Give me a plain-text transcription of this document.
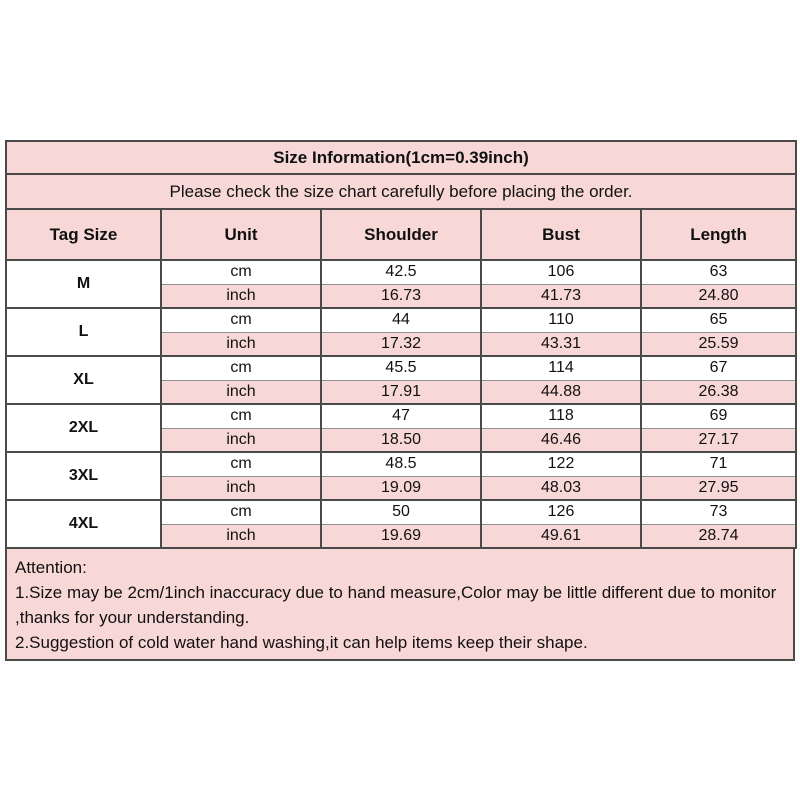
Size Information(1cm=0.39inch)				
Please check the size chart carefully before placing the order.				
Tag Size	Unit	Shoulder	Bust	Length
M	cm	42.5	106	63
	inch	16.73	41.73	24.80
L	cm	44	110	65
	inch	17.32	43.31	25.59
XL	cm	45.5	114	67
	inch	17.91	44.88	26.38
2XL	cm	47	118	69
	inch	18.50	46.46	27.17
3XL	cm	48.5	122	71
	inch	19.09	48.03	27.95
4XL	cm	50	126	73
	inch	19.69	49.61	28.74
Attention:
1.Size may be 2cm/1inch inaccuracy due to hand measure,Color may be little different due to monitor
,thanks for your understanding.
2.Suggestion of cold water hand washing,it can help items keep their shape.
